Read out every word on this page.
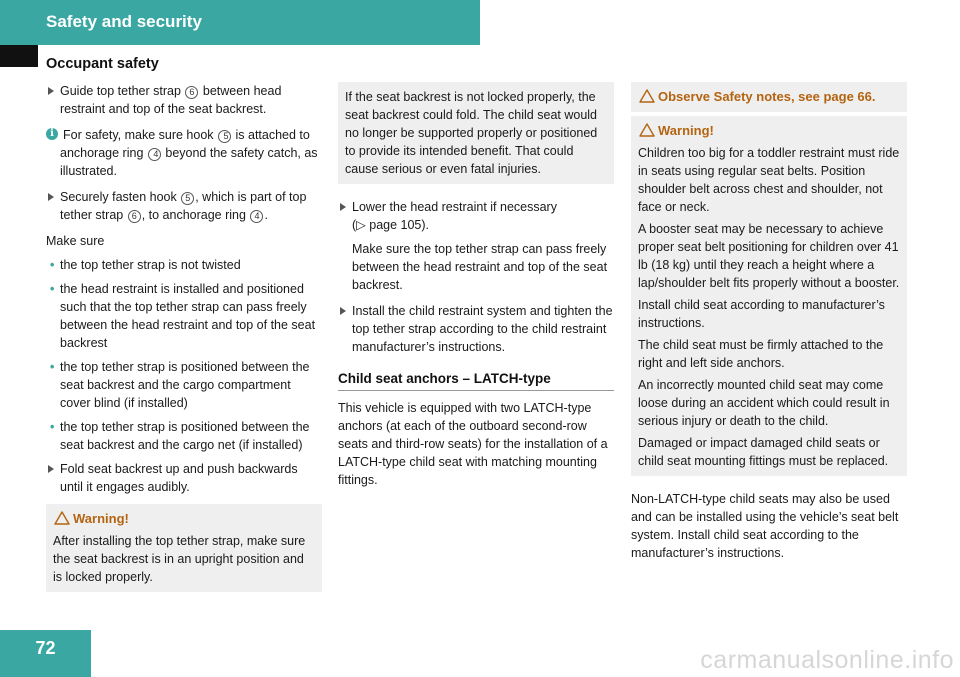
Safety and security
Occupant safety
Guide top tether strap 6 between head restraint and top of the seat backrest.
i For safety, make sure hook 5 is attached to anchorage ring 4 beyond the safety catch, as illustrated.
Securely fasten hook 5 , which is part of top tether strap 6 , to anchorage ring 4 .
Make sure
• the top tether strap is not twisted
• the head restraint is installed and positioned such that the top tether strap can pass freely between the head restraint and top of the seat backrest
• the top tether strap is positioned between the seat backrest and the cargo compartment cover blind (if installed)
• the top tether strap is positioned between the seat backrest and the cargo net (if installed)
Fold seat backrest up and push backwards until it engages audibly.
Warning!

After installing the top tether strap, make sure the seat backrest is in an upright position and is locked properly.

If the seat backrest is not locked properly, the seat backrest could fold. The child seat would no longer be supported properly or positioned to provide its intended benefit. That could cause serious or even fatal injuries.

Lower the head restraint if necessary
(▷ page 105).
Make sure the top tether strap can pass freely between the head restraint and top of the seat backrest.
Install the child restraint system and tighten the top tether strap according to the child restraint manufacturer’s instructions.
Child seat anchors – LATCH-type

This vehicle is equipped with two LATCH-type anchors (at each of the outboard second-row seats and third-row seats) for the installation of a LATCH-type child seat with matching mounting fittings.

Observe Safety notes, see page 66.
Warning!

Children too big for a toddler restraint must ride in seats using regular seat belts. Position shoulder belt across chest and shoulder, not face or neck.

A booster seat may be necessary to achieve proper seat belt positioning for children over 41 lb (18 kg) until they reach a height where a lap/shoulder belt fits properly without a booster.

Install child seat according to manufacturer’s instructions.

The child seat must be firmly attached to the right and left side anchors.

An incorrectly mounted child seat may come loose during an accident which could result in serious injury or death to the child.

Damaged or impact damaged child seats or child seat mounting fittings must be replaced.

Non-LATCH-type child seats may also be used and can be installed using the vehicle’s seat belt system. Install child seat according to the manufacturer’s instructions.

72	carmanualsonline.info
